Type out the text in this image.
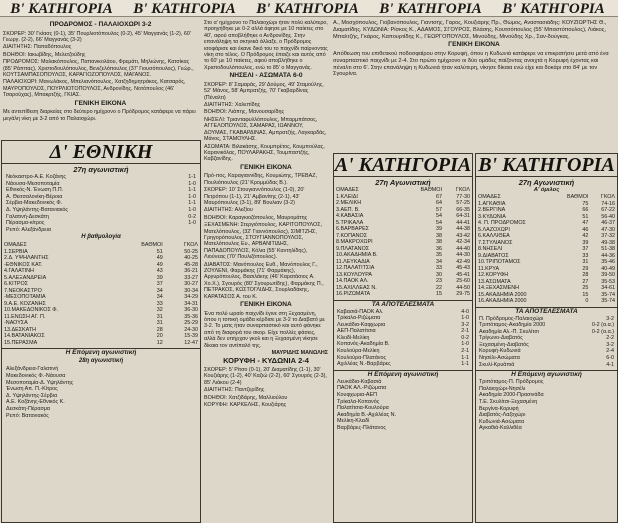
Β' ΚΑΤΗΓΟΡΙΑ Β' ΚΑΤΗΓΟΡΙΑ Β' ΚΑΤΗΓΟΡΙΑ Β' ΚΑΤΗΓΟΡΙΑ Β' ΚΑΤΗΓΟΡΙΑ
ΠΡΟΔΡΟΜΟΣ - ΠΑΛΑΙΟΧΩΡΙ 3-2

ΣΚΟΡΕΡ: 30' Γκίασς (0-1), 35' Πουρλιοτόπουλος (0-2), 45' Μαγγανάς (1-2), 60' Γεωργ. (2-2), 66' Μαγγανάς (3-2)

ΔΙΑΙΤΗΤΗΣ: Παπαδόπουλος

ΒΟΗΘΟΙ: Ιακωβίδης, Μελετζούδης

ΠΡΟΔΡΟΜΟΣ: Μαλακόπουλος, Παπανικολάου, Φρεμάτι, Μηλιώνης, Κατσίκας (85' Ράππας), Χριστοδουλόπουλος, Βενιζελόπουλος (37' Γιουσόπουλος), Γεώρ., ΚΟΥΤΣΑΜΠΑΣΟΠΟΥΛΟΣ, ΚΑΡΑΓΙΟΖΟΠΟΥΛΟΣ, ΜΑΓΑΝΟΣ.

ΠΑΛΑΙΟΧΩΡΙ: Μανωλάκος, Μπελιανόπουλος, Χατζηδημητράκος, Κατσαρός, ΜΑΥΡΟΠΟΥΛΟΣ, ΠΟΥΡΛΙΟΤΟΠΟΥΛΟΣ, Ανδρονίδης, Νοτόπουλος (46' Τσαρούχας), Μπακρτζής, ΓΚΙΑΣ.

ΓΕΝΙΚΗ ΕΙΚΟΝΑ

Με αντεπίθεση διαρκείας στο δεύτερο ημίχρονο ο Πρόδρομος κατάφερε να πάρει μεγάλη νίκη με 3-2 από το Παλαιοχώρι.

Δ' ΕΘΝΙΚΗ
27η αγωνιστική

Νεόκαστρο-Α.Ε. Κοζάνης	1-1

Νάουσα-Μεσοποταμία	1-0

Εθνικός-Ν. Ένωση Π.Π.	1-1

Α. Θεσσαλονίκη-Βέροια	1-0

Σέρβια-Μακεδονικός Φ.	1-1

Δ. Υψηλάντης-Βατανιακός	1-0

Γαλατινή-Δεσκάτη	0-2

Πέρασμα-κίτρος	1-0

Ρεπό: Αλεξάνδρεια

Η βαθμολογία
ΟΜΑΔΕΣ	ΒΑΘΜΟΙ	ΓΚΟΛ
1.ΣΕΡΒΙΑ	51	50-25
2.Δ. ΥΨΗΛΑΝΤΗΣ	49	40-25
-ΕΘΝΙΚΟΣ ΚΑΤ.	49	45-28
4.ΓΑΛΑΤΙΝΗ	43	36-21
5.ΑΛΕΞΑΝΔΡΕΙΑ	39	33-27
6.ΚΙΤΡΟΣ	37	30-27
7.ΝΕΟΚΑΣΤΡΟ	34	30-34
-ΜΕΣΟΠΟΤΑΜΙΑ	34	34-29
9.Α.Ε. ΚΟΖΑΝΗΣ	33	34-31
10.ΜΑΚΕΔΟΝΙΚΟΣ Φ.	32	36-30
11.ΕΝΩΣΗ ΑΓ. Π.	31	35-36
-ΝΑΟΥΣΑ	31	25-29
13.ΔΕΣΚΑΤΗ	28	24-30
14.ΒΑΤΑΝΙΑΚΟΣ	20	15-39
15.ΠΕΡΑΣΜΑ	12	12-47
Η Επόμενη αγωνιστική
28η αγωνιστική

Αλεξάνδρεια-Γαλατινή

Μακεδονικός Φ.-Νάουσα

Μεσοποταμία-Δ. Υψηλάντης

Ένωση Απ. Π.-Κίτρος

Δ. Υψηλάντης-Σέρβια

Α.Ε. Κοζάνης-Εθνικός Κ.

Δεσκάτη-Πέρασμα

Ρεπό: Βατανιακός

Στο α' ημίχρονο το Παλαιοχώρι ήταν πολύ καλύτερο, προηγήθηκε με 0-2 αλλά άφησε με 10 παίκτες στο 40', αφού αποβλήθηκε ο Ανδρονίδης. Στην επανάληψη τα σκηνικά άλλαξε, ο Πρόδρομος ισοφάρισε και έκανε δικό του το παιχνίδι παίρνοντας νίκη στο τέλος. Ο Πρόδρομος έπαιζε και αυτός από το 60' με 10 παίκτες, αφού αποβλήθηκε ο Χριστοδουλόπουλος, ενώ το 85' ο Μαγγανάς.

ΝΗΣΕΛΙ - ΑΣΩΜΑΤΑ 6-0

ΣΚΟΡΕΡ: 8' Σαμαράς, 29' Δούμος, 49' Σταμούλης, 52' Μάνος, 58' Αμπρατζής, 70' Γκαβαρδίνας (Πέναλτι)

ΔΙΑΙΤΗΤΗΣ: Χαλεπίδης

ΒΟΗΘΟΙ: Λιάπης, Μανουσαρίδης

ΝΗΣΕΛΙ: Τριανταφυλλόπουλος, Μπαρμπάτσος, ΑΓΓΕΛΟΠΟΥΛΟΣ, ΣΑΜΑΡΑΣ, ΙΩΑΝΝΟΥ, ΔΟΥΜΑΣ, ΓΚΑΒΑΡΔΙΝΑΣ, Αμπρατζής, Λαγκαρδάς, Μάνος, ΣΤΑΜΟΥΛΗΣ.

ΑΣΩΜΑΤΑ: Βιλακάσης, Κουμπρέτος, Κουμπούλας, Καρανικόλας, ΠΟΥΛΑΡΑΚΗΣ, Τουμπαστζής, Καβζανίδης.

ΓΕΝΙΚΗ ΕΙΚΟΝΑ

Πρό-πος, Καραγιαννίδης, Κουμιώτης, ΤΡΕΒΑΖ, Πουλιόπουλος (21' Κρομμύδας Β.).

ΣΚΟΡΕΡ: 10' Στουγιαννόπουλος (1-0), 20' Πετρόπου (1-1), 21' Αμβανίτης (2-1), 43' Μαυρόπουλος (3-1), 89' Βουλιαν (3-2)

ΔΙΑΙΤΗΤΗΣ: Αλεξίου

ΒΟΗΘΟΙ: Καραγκιοζόπουλος, Μαυρομάτης

ΞΕΧΑΣΜΕΝΗ: Στεργιόπουλος, ΚΑΡΙΤΟΠΟΥΛΟΣ, Ματελόπουλος, (32' Γιαννόπουλος), ΣΙΜΙΤΖΗΣ, Γρηγορόπουλος, ΣΤΟΥΓΙΑΝΝΟΠΟΥΛΟΣ, Ματελόπουλος Ευ., ΑΡΒΑΝΙΤΙΔΗΣ, ΠΑΠΑΔΟΠΟΥΛΟΣ, Κόλια (55' Καντηλίδης), Λιούνεας (70' Πουλιζόπουλος).

ΔΙΑΒΑΤΟΣ: Μανόπουλος Ευθ., Μανόπουλος Γ., ΖΟΥΛΕΝΙ, Φαρμάκης (71' Φαρμάκης), Αργυρόπουλος, Βασιλάκης (46' Καρατάσιος Α. Χο.Χ.), Σγουρός (80' Σγουρωτίδης), Φαρμάκης Π., ΠΕΤΡΑΚΟΣ, ΚΩΣΤΟΓΛΙΔΗΣ, Σουρλαδάκης, ΚΑΡΑΤΑΣΟΣ Α. του Κ.

ΓΕΝΙΚΗ ΕΙΚΟΝΑ

Ένα πολύ ωραίο παιχνίδι έγινε στη Ξεχασμένη, όπου η τοπική ομάδα κέρδισε με 3-2 το Διαβατό με 3-2. Το ματς ήταν συναρπαστικό και αυτό φάνηκε από τη διαφορά του σκορ. Είχε πολλές φάσεις, αλλά δεν υπήρχαν γκολ και η Ξεχασμένη νίκησε δίκαια τον αντίπαλό της.

ΜΑΥΡΙΔΗΣ ΜΑΝΩΛΗΣ

ΚΟΡΥΦΗ - ΚΥΔΩΝΙΑ 2-4

ΣΚΟΡΕΡ: 5' Ρίτσο (0-1), 20' Διαματίδης (1-1), 30' Κουζιάρης (1-2), 40' Καζιώ (2-2), 60' Σγουρός (2-3), 85' Λιάκου (2-4)

ΔΙΑΙΤΗΤΗΣ: Παντζερίδης

ΒΟΗΘΟΙ: Χατζιδάρης, Μαλλιούλου

ΚΟΡΥΦΗ: ΚΑΡΚΕΛΗΣ, Κουζιάρης

Α., Μοσχόπουλος, Γιοβανόπουλος, Γιαντσής, Γαρος, Κουζιάρης Πρ., Θώμος, Αναστασιάδης: ΚΟΥΖΙΩΡΤΗΣ Θ., Διαματίδης. ΚΥΔΩΝΙΑ: Ρίσκος Κ., ΑΔΑΜΟΣ, ΣΓΟΥΡΟΣ, Βλάσης, Κουτσόπουλος (55' Μπαστόπουλος), Λιάκος, Μπαλτζής, Γκάρος, Καπουρτίδης Κ., ΓΕΩΡΓΟΠΟΥΛΟΣ, Μινούδης, Μινούδης Χρ., Σαν-δούγκας.

ΓΕΝΙΚΗ ΕΙΚΟΝΑ

Απόθεωση του επιθετικού ποδοσφαίρου στην Κορυφή, όπου η Κυδωνιά κατάφερε να επικρατήσει μετά από ένα συναρπαστικό παιχνίδι με 2-4. Στο πρώτο ημίχρονο οι δύο ομάδες παίζοντας ανοιχτά η Κορυφή έχοντας και πέναλτι στο 6'. Στην επανάληψη η Κυδωνιά ήταν καλύτερη, νίκησε δίκαια ενώ είχε και δοκάρι στο 84' με τον Σγουρίνα.

Α' ΚΑΤΗΓΟΡΙΑ
27η Αγωνιστική
ΟΜΑΔΕΣ	ΒΑΘΜΟΙ	ΓΚΟΛ
1.ΚΛΕΙΔΙ	67	77-30
2.ΜΕΛΙΚΗ	64	57-25
3.ΑΕΠ. Β.	57	66-35
4.ΚΑΒΑΣΙΑ	54	64-31
5.ΤΡΙΚΑΛΑ	54	44-41
6.ΒΑΡΒΑΡΕΣ	39	44-38
7.ΚΟΠΑΝΟΣ	38	43-42
8.ΜΑΚΡΟΧΩΡΙ	38	42-34
9.ΠΛΑΤΑΝΟΣ	36	44-40
10.ΑΚΑΔΗΜΙΑ Β.	35	44-30
11.ΛΕΥΚΑΔΙΑ	34	42-49
12.ΠΑΛΑΤΙΤΣΙΑ	33	45-43
13.ΚΟΥΛΟΥΡΑ	30	45-41
14.ΠΑΟΚ ΑΛ.	23	25-60
15.ΑΧΙΛΛΕΑΣ Ν.	22	44-50
16.ΡΙΖΩΜΑΤΑ	15	29-75
ΤΑ ΑΠΟΤΕΛΕΣΜΑΤΑ

Καβασιά-ΠΑΟΚ Αλ.	4-0

Τρίκαλα-Ριζώματα	1-0

Λευκάδια-Καφχωρια	3-2

ΑΕΠ-Παλατίτσια	2-1

Κλειδί-Μελίκη	0-2

Κοπανός-Ακαδημία Β.	1-0

Κουλούρα-Μελίκη	2-1

Κουλούρα-Πλατάνος	1-1

Αχιλλέας Ν.-Βαρβάρες	1-1

Η Επόμενη αγωνιστική

Λευκάδια-Καβασιά

ΠΑΟΚ ΑΛ.-Ριζώματα

Κουφχωρια-ΑΕΠ

Τρίκαλα-Κοπανός

Παλατίτσια-Κουλούρα

Ακαδημία Β.-Αχιλλέας Ν.

Μελίκη-Κλειδί

Βαρβάρες-Πλάτανος

Β' ΚΑΤΗΓΟΡΙΑ
27η Αγωνιστική
Α' όμιλος
ΟΜΑΔΕΣ	ΒΑΘΜΟΙ	ΓΚΟΛ
1.ΑΓΚΑΘΙΑ	75	74-16
2.ΒΕΡΓΙΝΑ	66	67-22
3.ΚΥΔΩΝΙΑ	51	56-40
4. Π. ΠΡΟΔΡΟΜΟΣ	47	46-37
5.ΛΑΖΟΧΩΡΙ	46	47-30
6.ΚΑΛΛΙΘΕΑ	42	37-32
7.ΣΤΥΛΙΑΝΟΣ	39	49-38
8.ΝΗΣΕΛΙ	37	51-38
9.ΔΙΑΒΑΤΟΣ	33	44-36
10.ΤΡΙΠΟΤΑΜΟΣ	31	35-46
11.ΚΡΥΑ	29	40-49
12.ΚΟΡΥΦΗ	28	39-50
13.ΑΣΩΜΑΤΑ	27	35-53
14.ΞΕΧΑΣΜΕΝΗ	25	34-61
15.ΑΚΑΔΗΜΙΑ 2000	15	35-74
16.ΑΚΑΔΗΜΙΑ 2000	0	35-74
ΤΑ ΑΠΟΤΕΛΕΣΜΑΤΑ

Π. Πρόδρομος-Παλαιοχώρι	3-2

Τριπόταμος-Ακαδημία 2000	0-2 (α.α.)

Ακαδημία Αλ.-Π. Σκυλίτσι	0-2 (α.α.)

Τρίγωνο-Διαβατός	2-2

Ξεχασμένη-Διαβατός	3-2

Κορυφή-Κυδωνιά	2-4

Νησέλι-Ασώματα	6-0

Σκυλί-Κρυάπιά	4-1

Η Επόμενη αγωνιστική

Τριπόταμος-Π. Πρόδρομος

Παλαιοχώρι-Νησέλι

Ακαδημία 2000-Πρασινάδα

Τ.Ε. Σκυλίτσι-Ξεχασμένη

Βεργίνα-Κορυφή

Διαβατός-Λαζοχώρι

Κυδωνιά-Ασώματα

Αγκαθιά-Καλλιθέα
